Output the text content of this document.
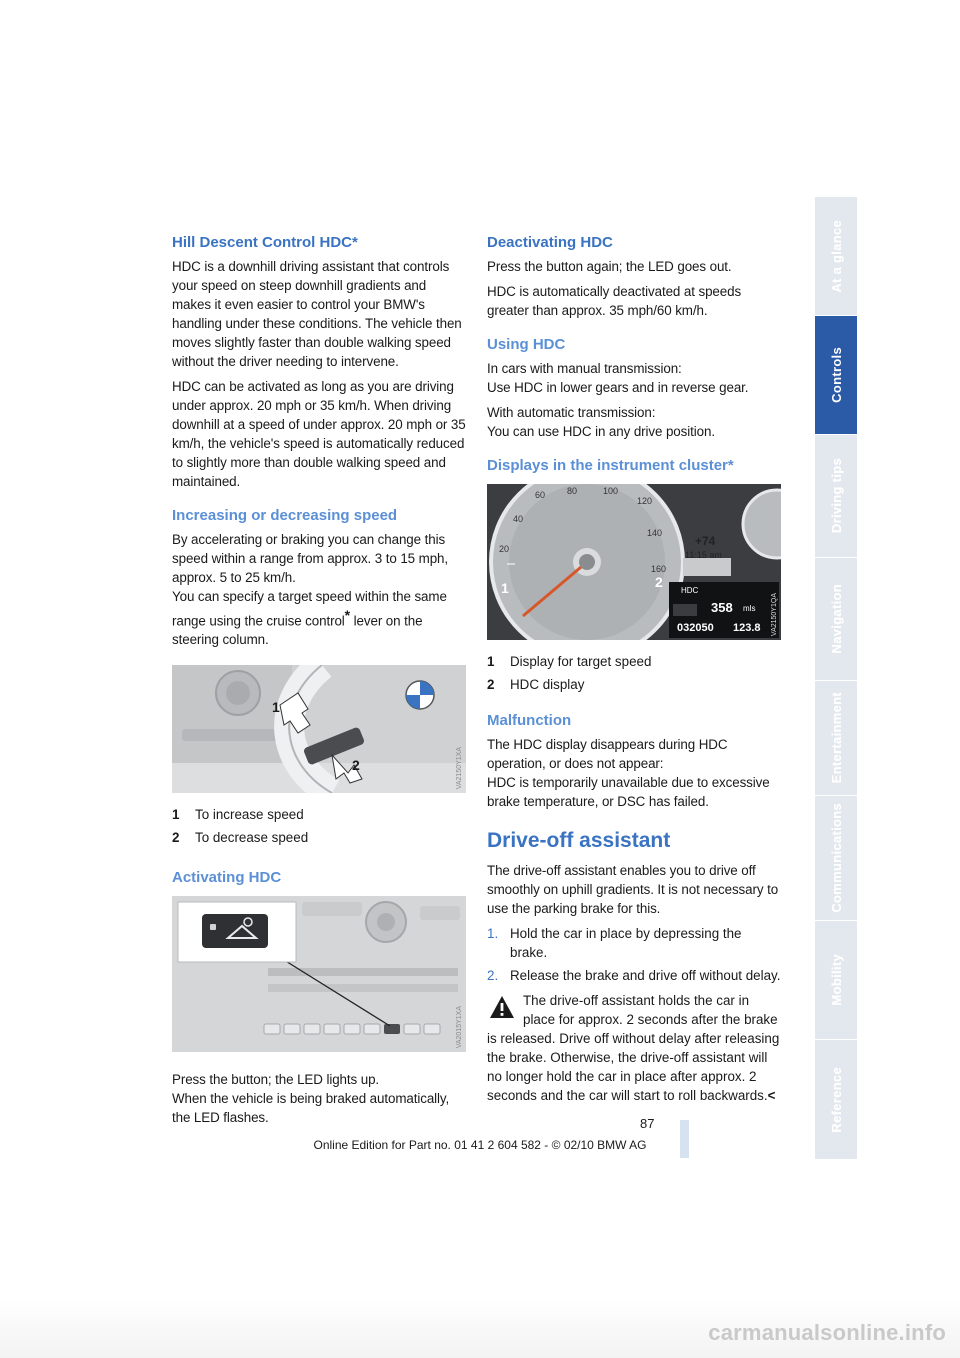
Hill Descent Control HDC*

HDC is a downhill driving assistant that controls your speed on steep downhill gradients and makes it even easier to control your BMW's handling under these conditions. The vehicle then moves slightly faster than double walking speed without the driver needing to intervene.

HDC can be activated as long as you are driving under approx. 20 mph or 35 km/h. When driving downhill at a speed of under approx. 20 mph or 35 km/h, the vehicle's speed is automatically reduced to slightly more than double walking speed and maintained.

Increasing or decreasing speed

By accelerating or braking you can change this speed within a range from approx. 3 to 15 mph, approx. 5 to 25 km/h.

You can specify a target speed within the same range using the cruise control* lever on the steering column.

1
2	VA2150Y1XA
1 To increase speed
2 To decrease speed
Activating HDC
VA2015Y1XA

Press the button; the LED lights up.

When the vehicle is being braked automatically, the LED flashes.

Deactivating HDC

Press the button again; the LED goes out.

HDC is automatically deactivated at speeds greater than approx. 35 mph/60 km/h.

Using HDC

In cars with manual transmission:
Use HDC in lower gears and in reverse gear.

With automatic transmission:
You can use HDC in any drive position.

Displays in the instrument cluster*
60 80	100
120
40
140
20
160
+74
11:15 am
HDC
358 mls
032050 123.8
1	2
VA2150Y1QA
1 Display for target speed
2 HDC display
Malfunction

The HDC display disappears during HDC operation, or does not appear:
HDC is temporarily unavailable due to excessive brake temperature, or DSC has failed.

Drive-off assistant

The drive-off assistant enables you to drive off smoothly on uphill gradients. It is not necessary to use the parking brake for this.

1. Hold the car in place by depressing the brake.
2. Release the brake and drive off without delay.
The drive-off assistant holds the car in place for approx. 2 seconds after the brake is released. Drive off without delay after releasing the brake. Otherwise, the drive-off assistant will no longer hold the car in place after approx. 2 seconds and the car will start to roll backwards.<
At a glance
Controls
Driving tips
Navigation
Entertainment
Communications
Mobility
Reference
87
Online Edition for Part no. 01 41 2 604 582 - © 02/10 BMW AG
carmanualsonline.info
